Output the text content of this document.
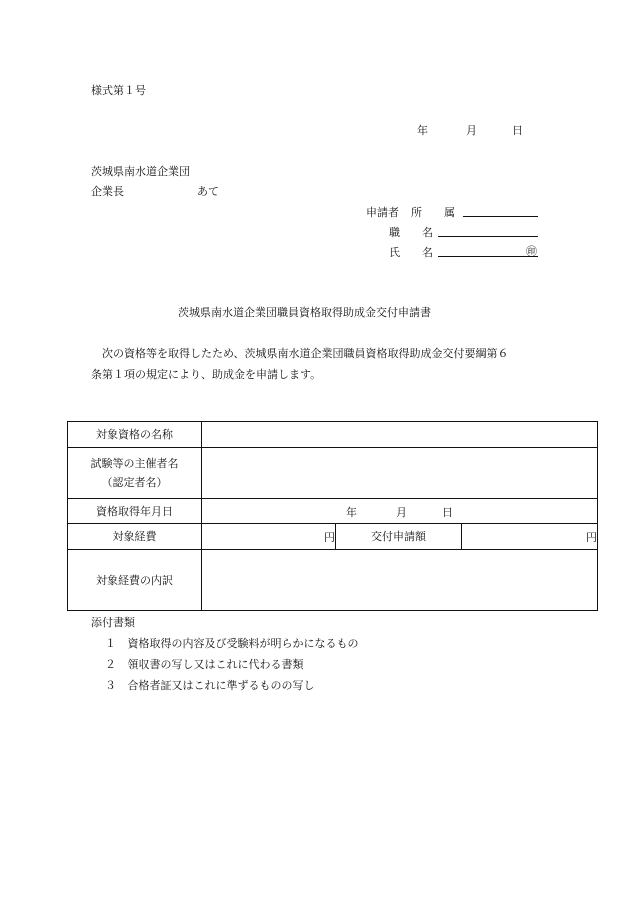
様式第１号
年	月	日
茨城県南水道企業団
企業長	あて
申請者 所　　属
職　　名
氏　　名	㊞
茨城県南水道企業団職員資格取得助成金交付申請書
次の資格等を取得したため、茨城県南水道企業団職員資格取得助成金交付要綱第６
条第１項の規定により、助成金を申請します。
対象資格の名称			

試験等の主催者名
（認定者名）			

資格取得年月日	年 月 日		

対象経費	円	交付申請額	円
対象経費の内訳			
添付書類
１ 資格取得の内容及び受験料が明らかになるもの
２ 領収書の写し又はこれに代わる書類
３ 合格者証又はこれに準ずるものの写し
